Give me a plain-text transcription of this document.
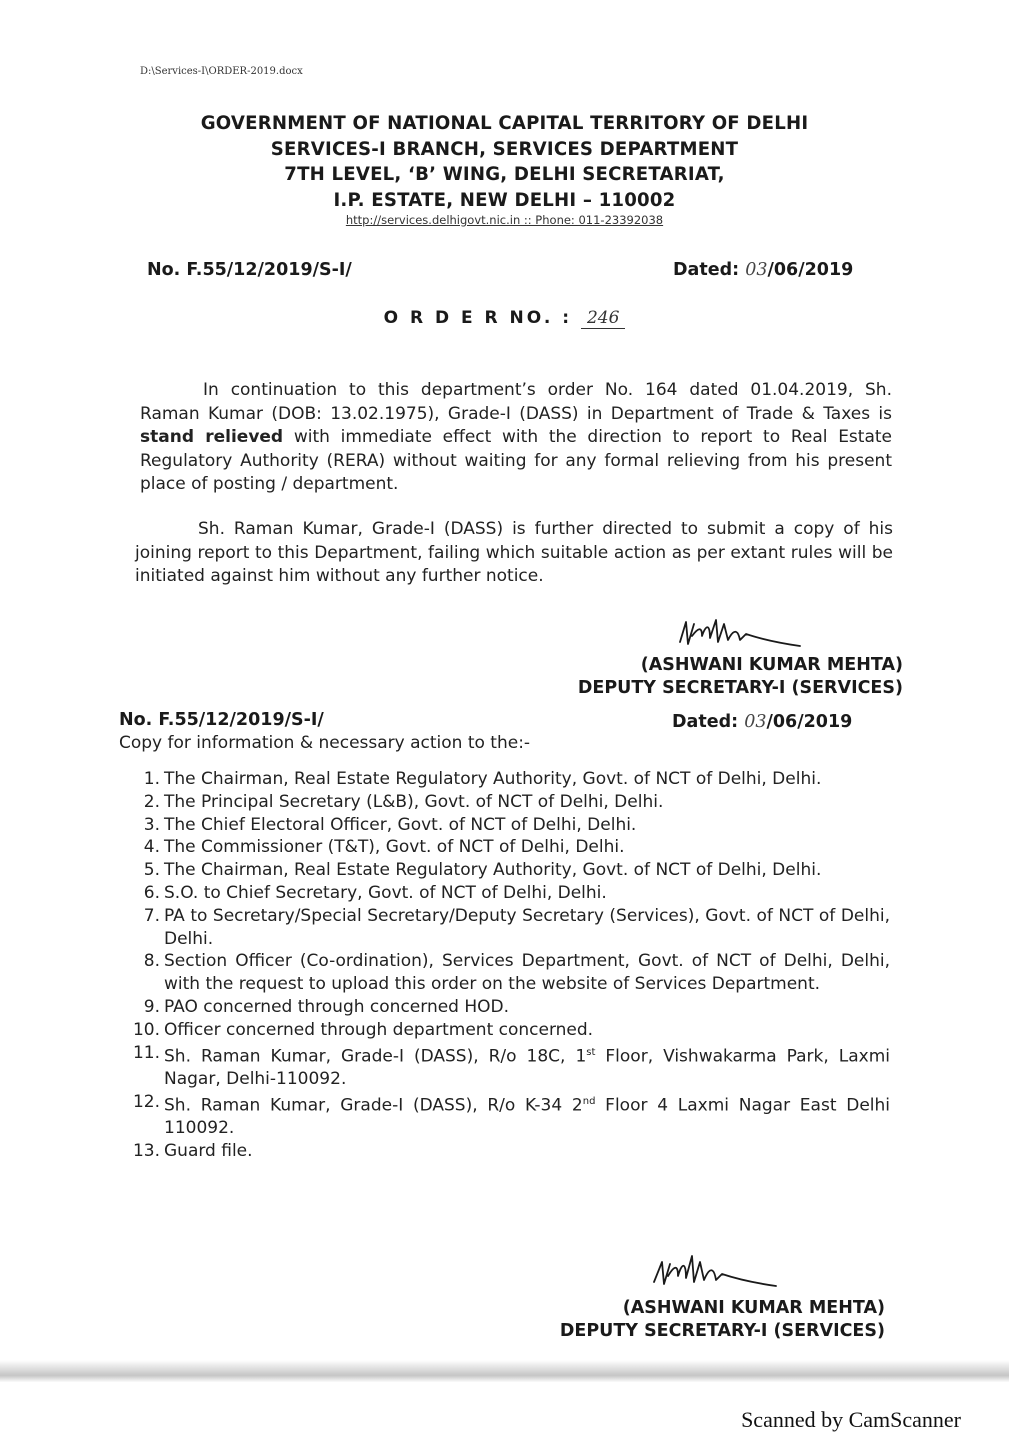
D:\Services-I\ORDER-2019.docx
GOVERNMENT OF NATIONAL CAPITAL TERRITORY OF DELHI
SERVICES-I BRANCH, SERVICES DEPARTMENT
7TH LEVEL, ‘B’ WING, DELHI SECRETARIAT,
I.P. ESTATE, NEW DELHI – 110002
http://services.delhigovt.nic.in :: Phone: 011-23392038
No. F.55/12/2019/S-I/	Dated: 03/06/2019
O R D E R NO. : 246
In continuation to this department’s order No. 164 dated 01.04.2019, Sh. Raman Kumar (DOB: 13.02.1975), Grade-I (DASS) in Department of Trade & Taxes is stand relieved with immediate effect with the direction to report to Real Estate Regulatory Authority (RERA) without waiting for any formal relieving from his present place of posting / department.
Sh. Raman Kumar, Grade-I (DASS) is further directed to submit a copy of his joining report to this Department, failing which suitable action as per extant rules will be initiated against him without any further notice.
(ASHWANI KUMAR MEHTA)
DEPUTY SECRETARY-I (SERVICES)
No. F.55/12/2019/S-I/	Dated: 03/06/2019
Copy for information & necessary action to the:-
1. The Chairman, Real Estate Regulatory Authority, Govt. of NCT of Delhi, Delhi.
2. The Principal Secretary (L&B), Govt. of NCT of Delhi, Delhi.
3. The Chief Electoral Officer, Govt. of NCT of Delhi, Delhi.
4. The Commissioner (T&T), Govt. of NCT of Delhi, Delhi.
5. The Chairman, Real Estate Regulatory Authority, Govt. of NCT of Delhi, Delhi.
6. S.O. to Chief Secretary, Govt. of NCT of Delhi, Delhi.
7. PA to Secretary/Special Secretary/Deputy Secretary (Services), Govt. of NCT of Delhi, Delhi.
8. Section Officer (Co-ordination), Services Department, Govt. of NCT of Delhi, Delhi, with the request to upload this order on the website of Services Department.
9. PAO concerned through concerned HOD.
10. Officer concerned through department concerned.
11. Sh. Raman Kumar, Grade-I (DASS), R/o 18C, 1st Floor, Vishwakarma Park, Laxmi Nagar, Delhi-110092.
12. Sh. Raman Kumar, Grade-I (DASS), R/o K-34 2nd Floor 4 Laxmi Nagar East Delhi 110092.
13. Guard file.
(ASHWANI KUMAR MEHTA)
DEPUTY SECRETARY-I (SERVICES)
Scanned by CamScanner
